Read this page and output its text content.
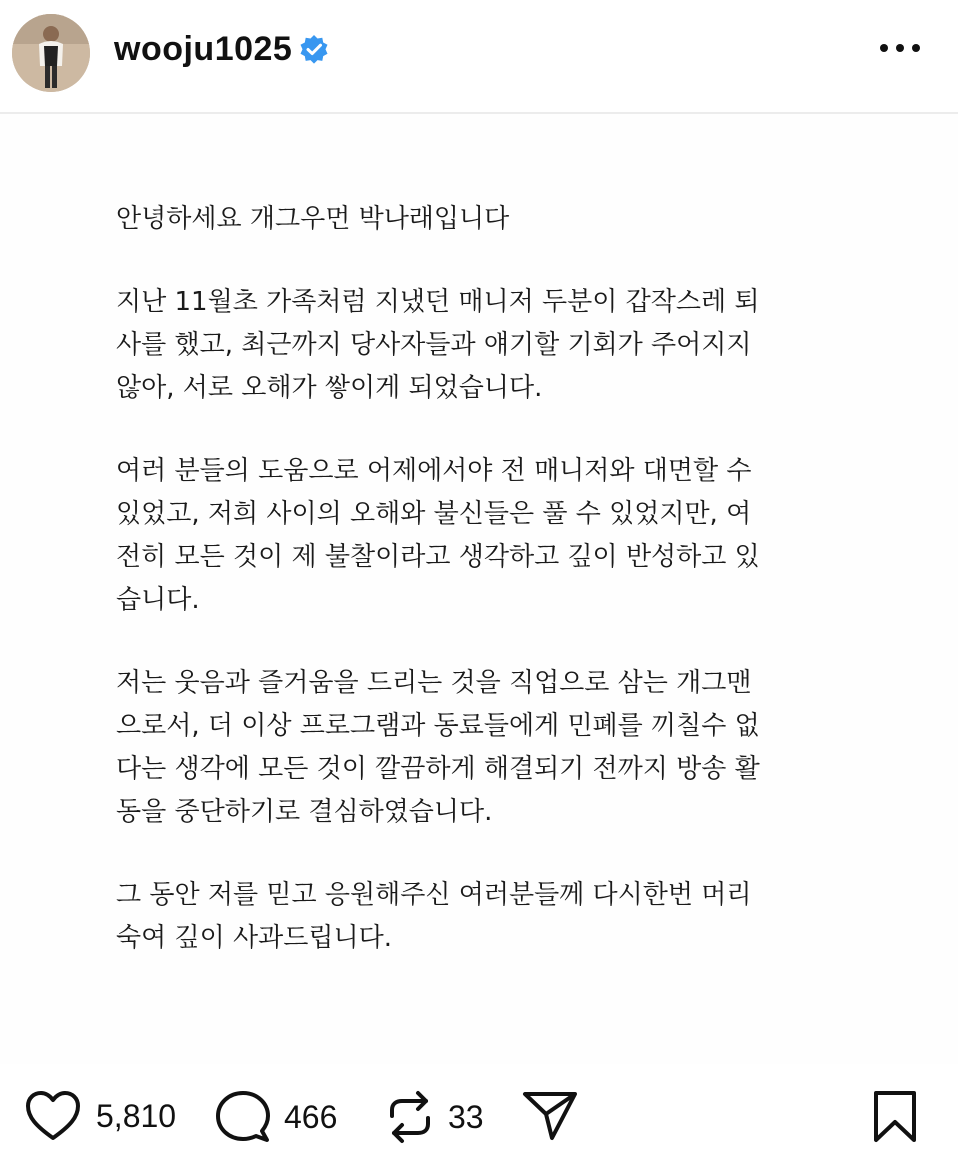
wooju1025

안녕하세요 개그우먼 박나래입니다

지난 11월초 가족처럼 지냈던 매니저 두분이 갑작스레 퇴
사를 했고, 최근까지 당사자들과 얘기할 기회가 주어지지
않아, 서로 오해가 쌓이게 되었습니다.

여러 분들의 도움으로 어제에서야 전 매니저와 대면할 수
있었고, 저희 사이의 오해와 불신들은 풀 수 있었지만, 여
전히 모든 것이 제 불찰이라고 생각하고 깊이 반성하고 있
습니다.

저는 웃음과 즐거움을 드리는 것을 직업으로 삼는 개그맨
으로서, 더 이상 프로그램과 동료들에게 민폐를 끼칠수 없
다는 생각에 모든 것이 깔끔하게 해결되기 전까지 방송 활
동을 중단하기로 결심하였습니다.

그 동안 저를 믿고 응원해주신 여러분들께 다시한번 머리
숙여 깊이 사과드립니다.

5,810	466	33
